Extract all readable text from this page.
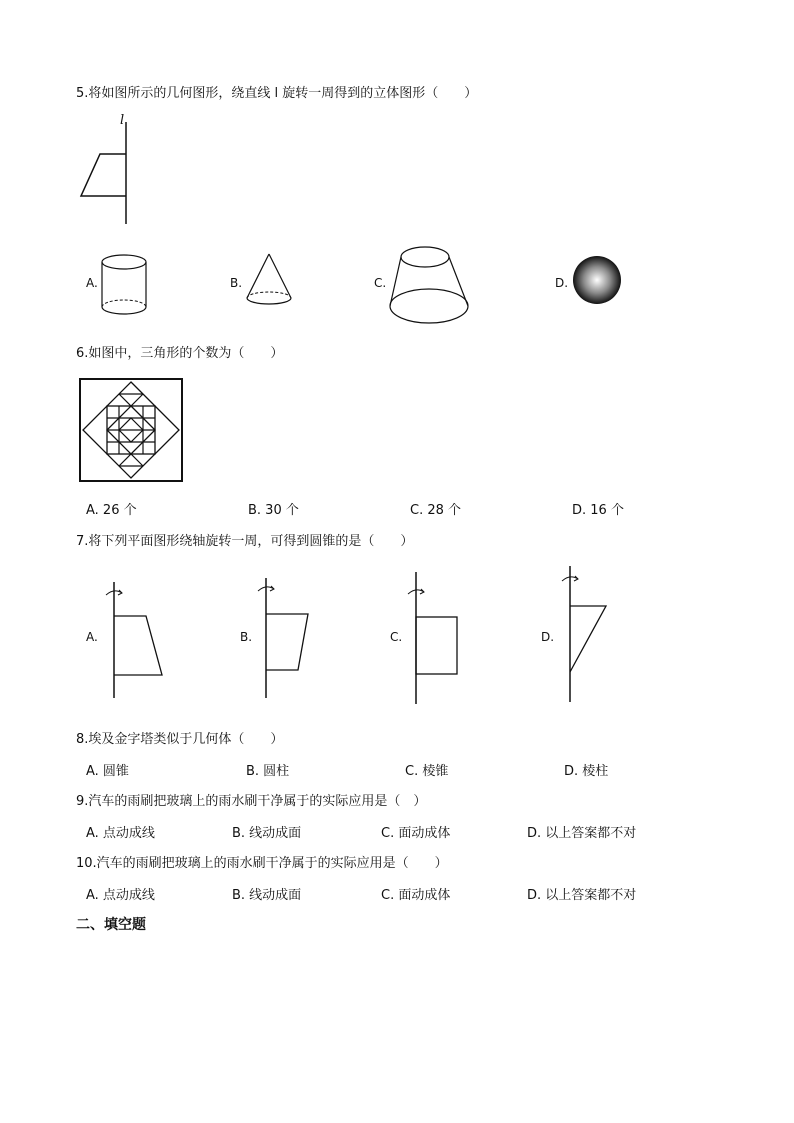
5.将如图所示的几何图形，绕直线 l 旋转一周得到的立体图形（　　）
l
A.	B.	C.	D.
6.如图中，三角形的个数为（　　）
A. 26 个	B. 30 个	C. 28 个	D. 16 个
7.将下列平面图形绕轴旋转一周，可得到圆锥的是（　　）
A.	B.	C.	D.
8.埃及金字塔类似于几何体（　　）
A. 圆锥	B. 圆柱	C. 棱锥	D. 棱柱
9.汽车的雨刷把玻璃上的雨水刷干净属于的实际应用是（　）
A. 点动成线	B. 线动成面	C. 面动成体	D. 以上答案都不对
10.汽车的雨刷把玻璃上的雨水刷干净属于的实际应用是（　　）
A. 点动成线	B. 线动成面	C. 面动成体	D. 以上答案都不对
二、填空题
